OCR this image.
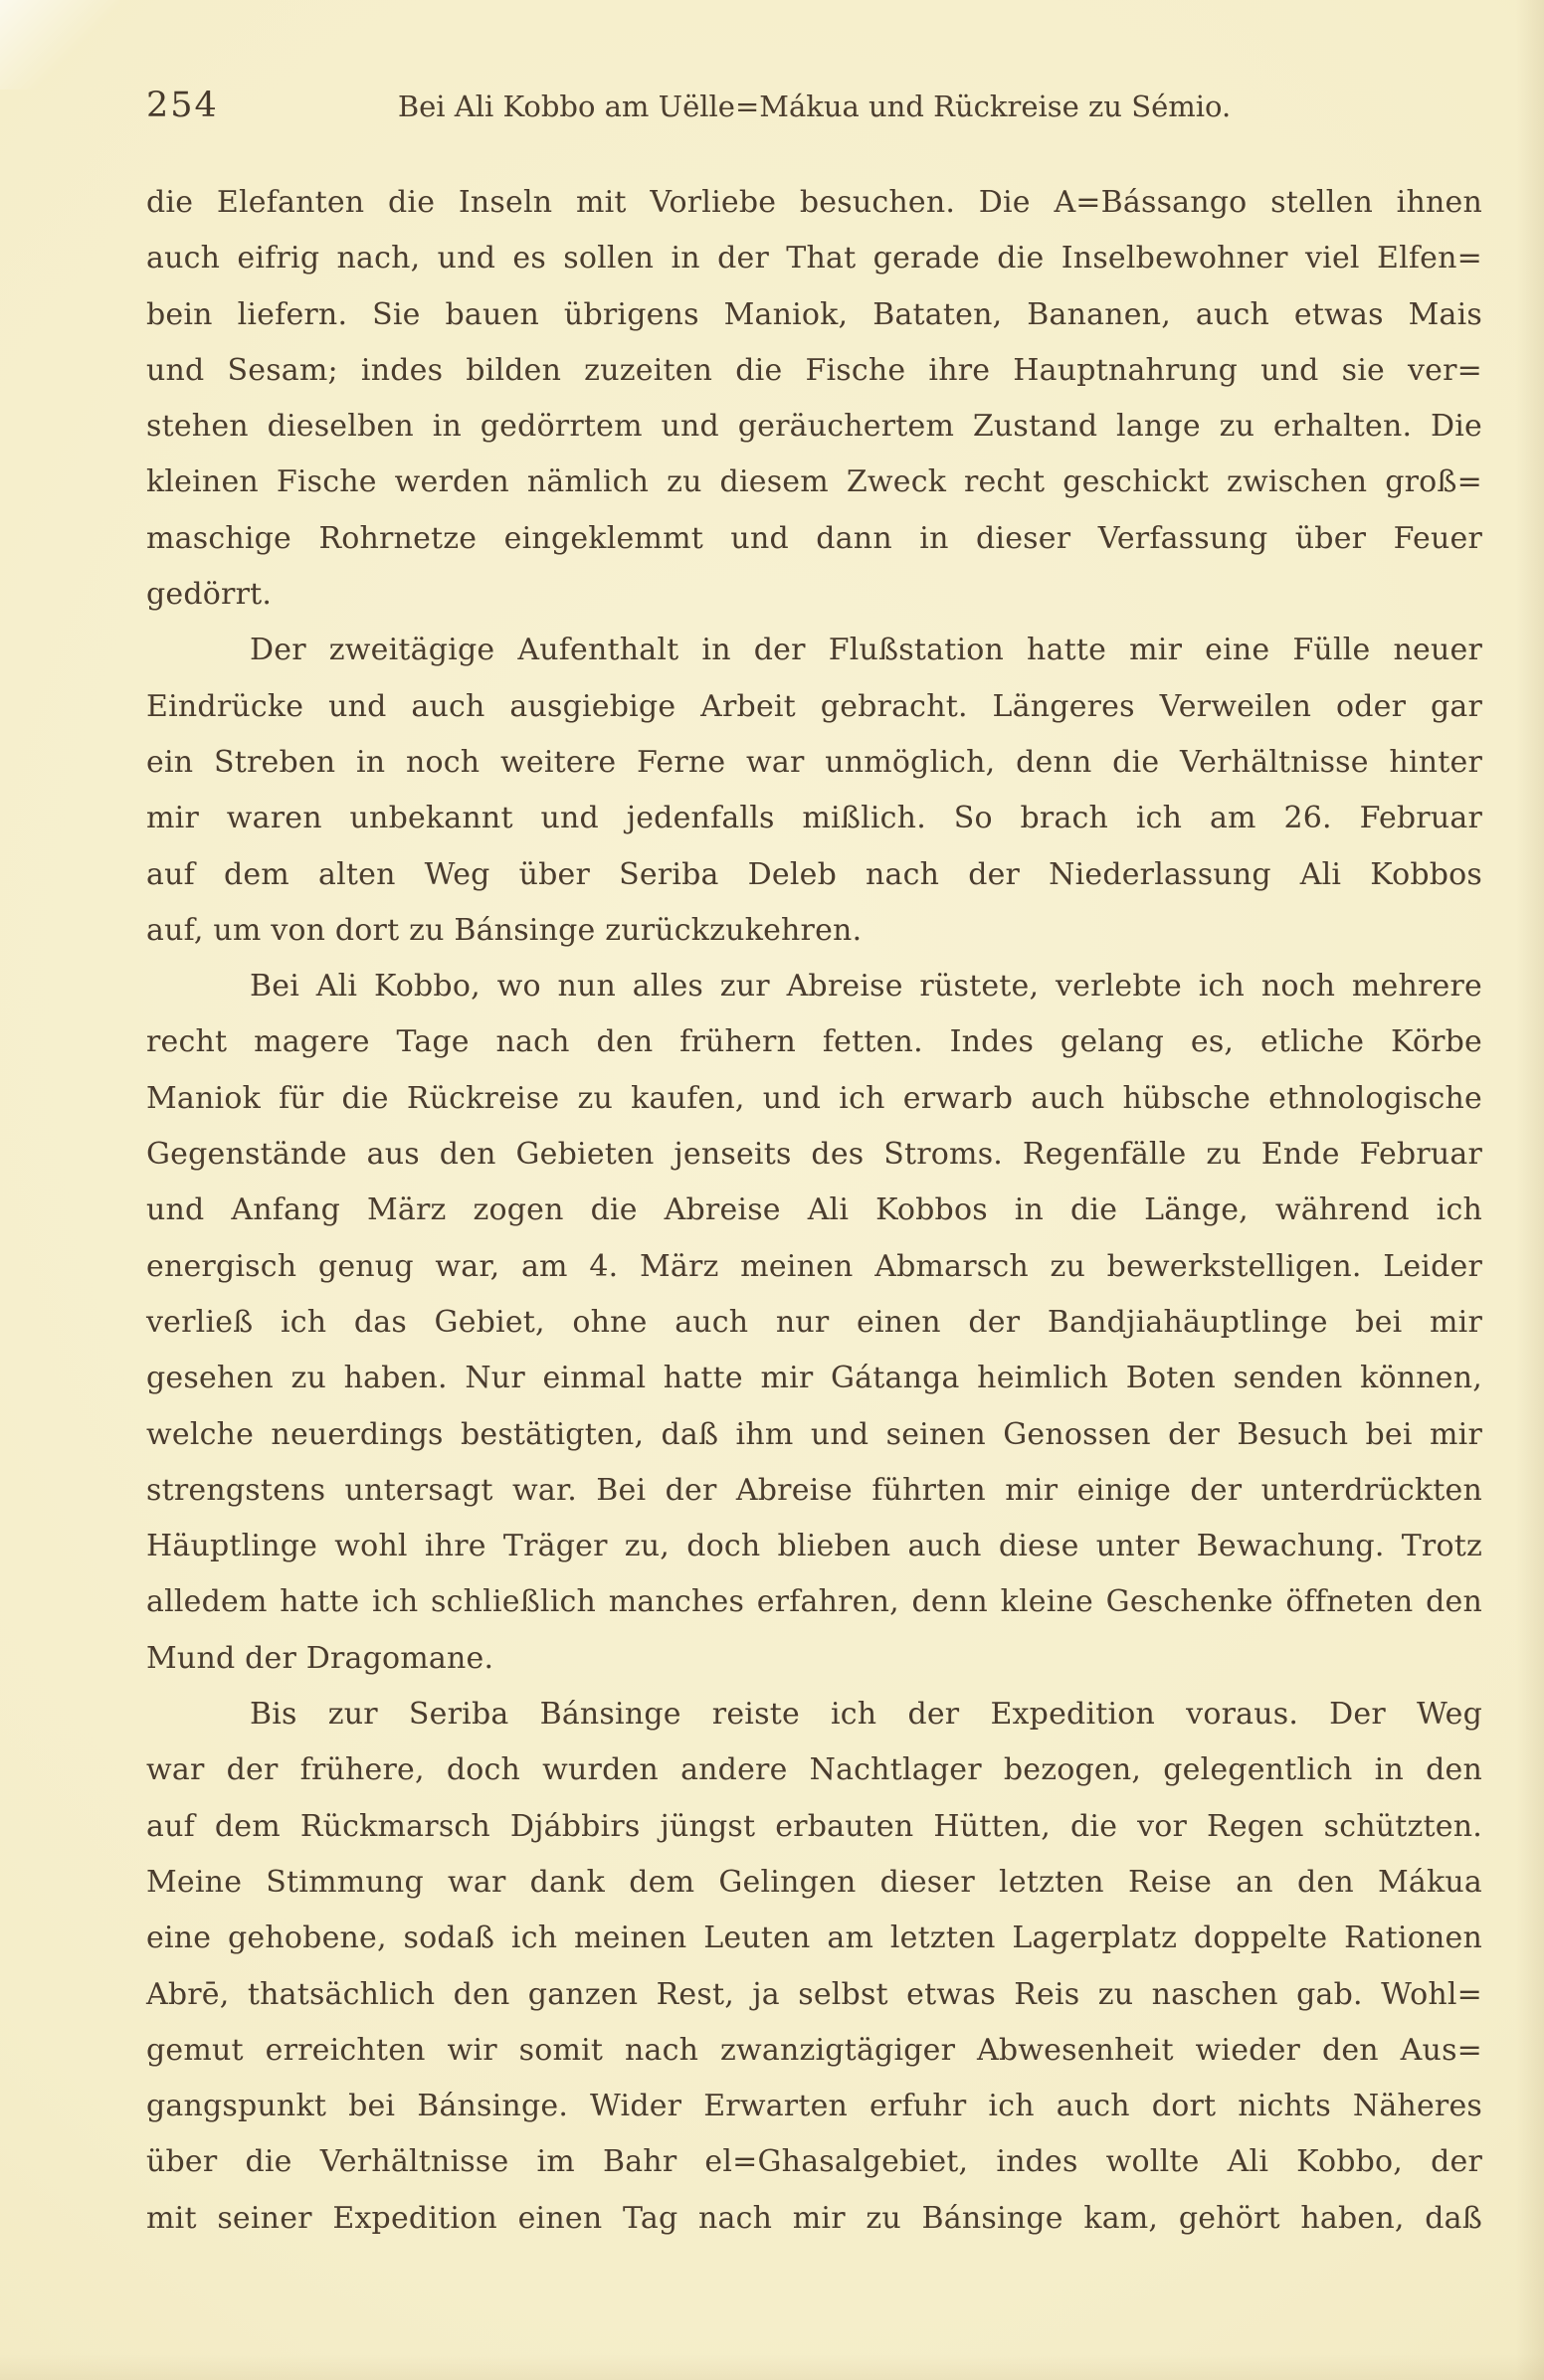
254	Bei Ali Kobbo am Uëlle=Mákua und Rückreise zu Sémio.
die Elefanten die Inseln mit Vorliebe besuchen. Die A=Bássango stellen ihnen
auch eifrig nach, und es sollen in der That gerade die Inselbewohner viel Elfen=
bein liefern. Sie bauen übrigens Maniok, Bataten, Bananen, auch etwas Mais
und Sesam; indes bilden zuzeiten die Fische ihre Hauptnahrung und sie ver=
stehen dieselben in gedörrtem und geräuchertem Zustand lange zu erhalten. Die
kleinen Fische werden nämlich zu diesem Zweck recht geschickt zwischen groß=
maschige Rohrnetze eingeklemmt und dann in dieser Verfassung über Feuer
gedörrt.
Der zweitägige Aufenthalt in der Flußstation hatte mir eine Fülle neuer
Eindrücke und auch ausgiebige Arbeit gebracht. Längeres Verweilen oder gar
ein Streben in noch weitere Ferne war unmöglich, denn die Verhältnisse hinter
mir waren unbekannt und jedenfalls mißlich. So brach ich am 26. Februar
auf dem alten Weg über Seriba Deleb nach der Niederlassung Ali Kobbos
auf, um von dort zu Bánsinge zurückzukehren.
Bei Ali Kobbo, wo nun alles zur Abreise rüstete, verlebte ich noch mehrere
recht magere Tage nach den frühern fetten. Indes gelang es, etliche Körbe
Maniok für die Rückreise zu kaufen, und ich erwarb auch hübsche ethnologische
Gegenstände aus den Gebieten jenseits des Stroms. Regenfälle zu Ende Februar
und Anfang März zogen die Abreise Ali Kobbos in die Länge, während ich
energisch genug war, am 4. März meinen Abmarsch zu bewerkstelligen. Leider
verließ ich das Gebiet, ohne auch nur einen der Bandjiahäuptlinge bei mir
gesehen zu haben. Nur einmal hatte mir Gátanga heimlich Boten senden können,
welche neuerdings bestätigten, daß ihm und seinen Genossen der Besuch bei mir
strengstens untersagt war. Bei der Abreise führten mir einige der unterdrückten
Häuptlinge wohl ihre Träger zu, doch blieben auch diese unter Bewachung. Trotz
alledem hatte ich schließlich manches erfahren, denn kleine Geschenke öffneten den
Mund der Dragomane.
Bis zur Seriba Bánsinge reiste ich der Expedition voraus. Der Weg
war der frühere, doch wurden andere Nachtlager bezogen, gelegentlich in den
auf dem Rückmarsch Djábbirs jüngst erbauten Hütten, die vor Regen schützten.
Meine Stimmung war dank dem Gelingen dieser letzten Reise an den Mákua
eine gehobene, sodaß ich meinen Leuten am letzten Lagerplatz doppelte Rationen
Abrē, thatsächlich den ganzen Rest, ja selbst etwas Reis zu naschen gab. Wohl=
gemut erreichten wir somit nach zwanzigtägiger Abwesenheit wieder den Aus=
gangspunkt bei Bánsinge. Wider Erwarten erfuhr ich auch dort nichts Näheres
über die Verhältnisse im Bahr el=Ghasalgebiet, indes wollte Ali Kobbo, der
mit seiner Expedition einen Tag nach mir zu Bánsinge kam, gehört haben, daß
